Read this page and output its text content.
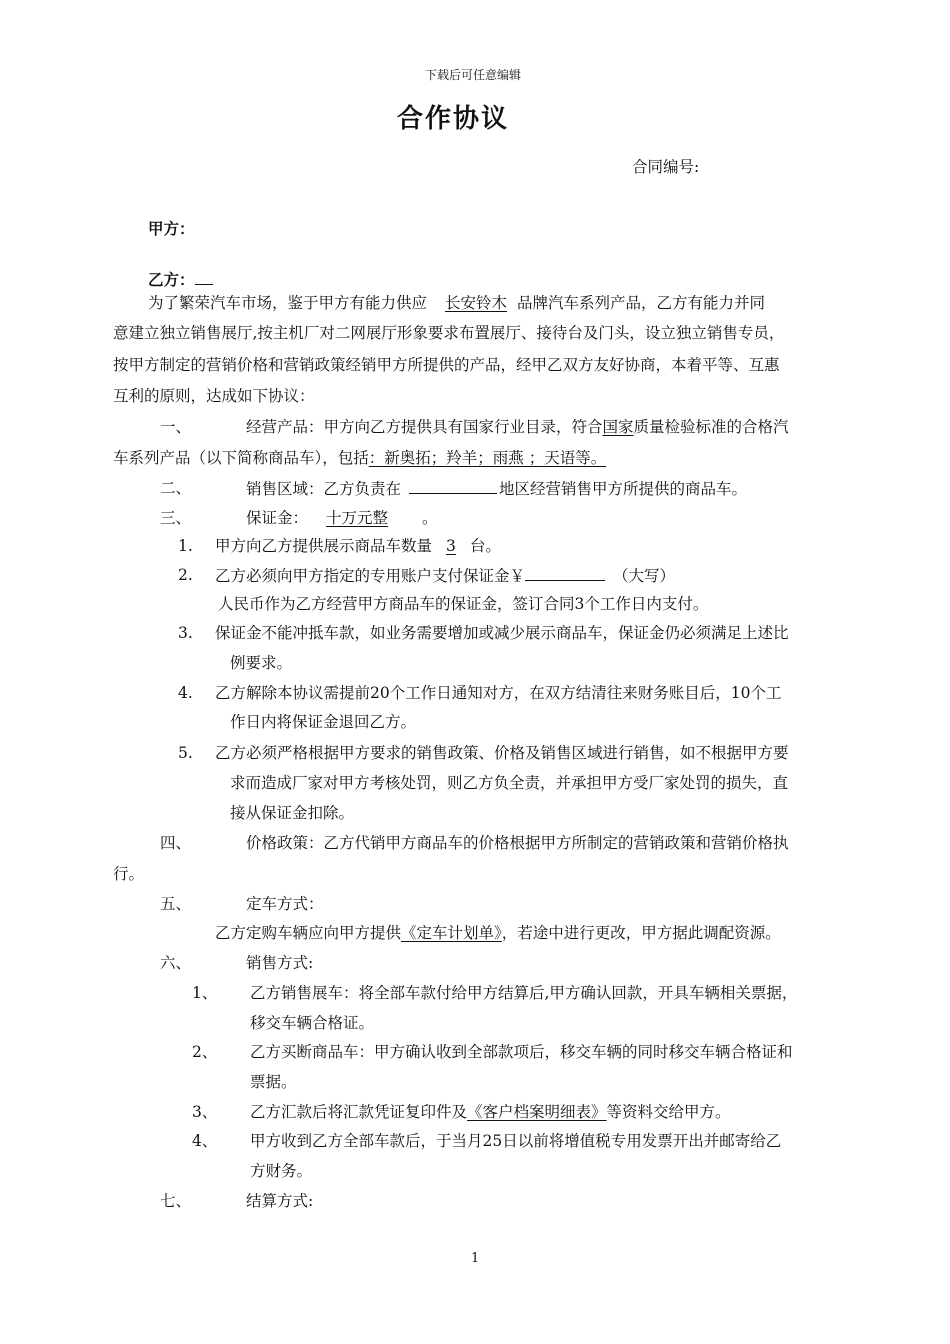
下载后可任意编辑
合作协议
合同编号:
甲方：
乙方：
为了繁荣汽车市场，鉴于甲方有能力供应 长安铃木 品牌汽车系列产品，乙方有能力并同
意建立独立销售展厅,按主机厂对二网展厅形象要求布置展厅、接待台及门头，设立独立销售专员，
按甲方制定的营销价格和营销政策经销甲方所提供的产品，经甲乙双方友好协商，本着平等、互惠
互利的原则，达成如下协议：
一、	经营产品：甲方向乙方提供具有国家行业目录，符合国家质量检验标准的合格汽
车系列产品（以下简称商品车），包括：新奥拓；羚羊；雨燕 ；天语等。
二、	销售区域：乙方负责在	地区经营销售甲方所提供的商品车。
三、	保证金： 十万元整 。
1. 甲方向乙方提供展示商品车数量 3 台。
2. 乙方必须向甲方指定的专用账户支付保证金￥	（大写）
人民币作为乙方经营甲方商品车的保证金，签订合同3个工作日内支付。
3. 保证金不能冲抵车款，如业务需要增加或减少展示商品车，保证金仍必须满足上述比
例要求。
4. 乙方解除本协议需提前20个工作日通知对方，在双方结清往来财务账目后，10个工
作日内将保证金退回乙方。
5. 乙方必须严格根据甲方要求的销售政策、价格及销售区域进行销售，如不根据甲方要
求而造成厂家对甲方考核处罚，则乙方负全责，并承担甲方受厂家处罚的损失，直
接从保证金扣除。
四、	价格政策：乙方代销甲方商品车的价格根据甲方所制定的营销政策和营销价格执
行。
五、	定车方式：
乙方定购车辆应向甲方提供《定车计划单》，若途中进行更改，甲方据此调配资源。
六、	销售方式:
1、 乙方销售展车：将全部车款付给甲方结算后,甲方确认回款，开具车辆相关票据，
移交车辆合格证。
2、 乙方买断商品车：甲方确认收到全部款项后，移交车辆的同时移交车辆合格证和
票据。
3、 乙方汇款后将汇款凭证复印件及《客户档案明细表》等资料交给甲方。
4、 甲方收到乙方全部车款后，于当月25日以前将增值税专用发票开出并邮寄给乙
方财务。
七、	结算方式:
1
